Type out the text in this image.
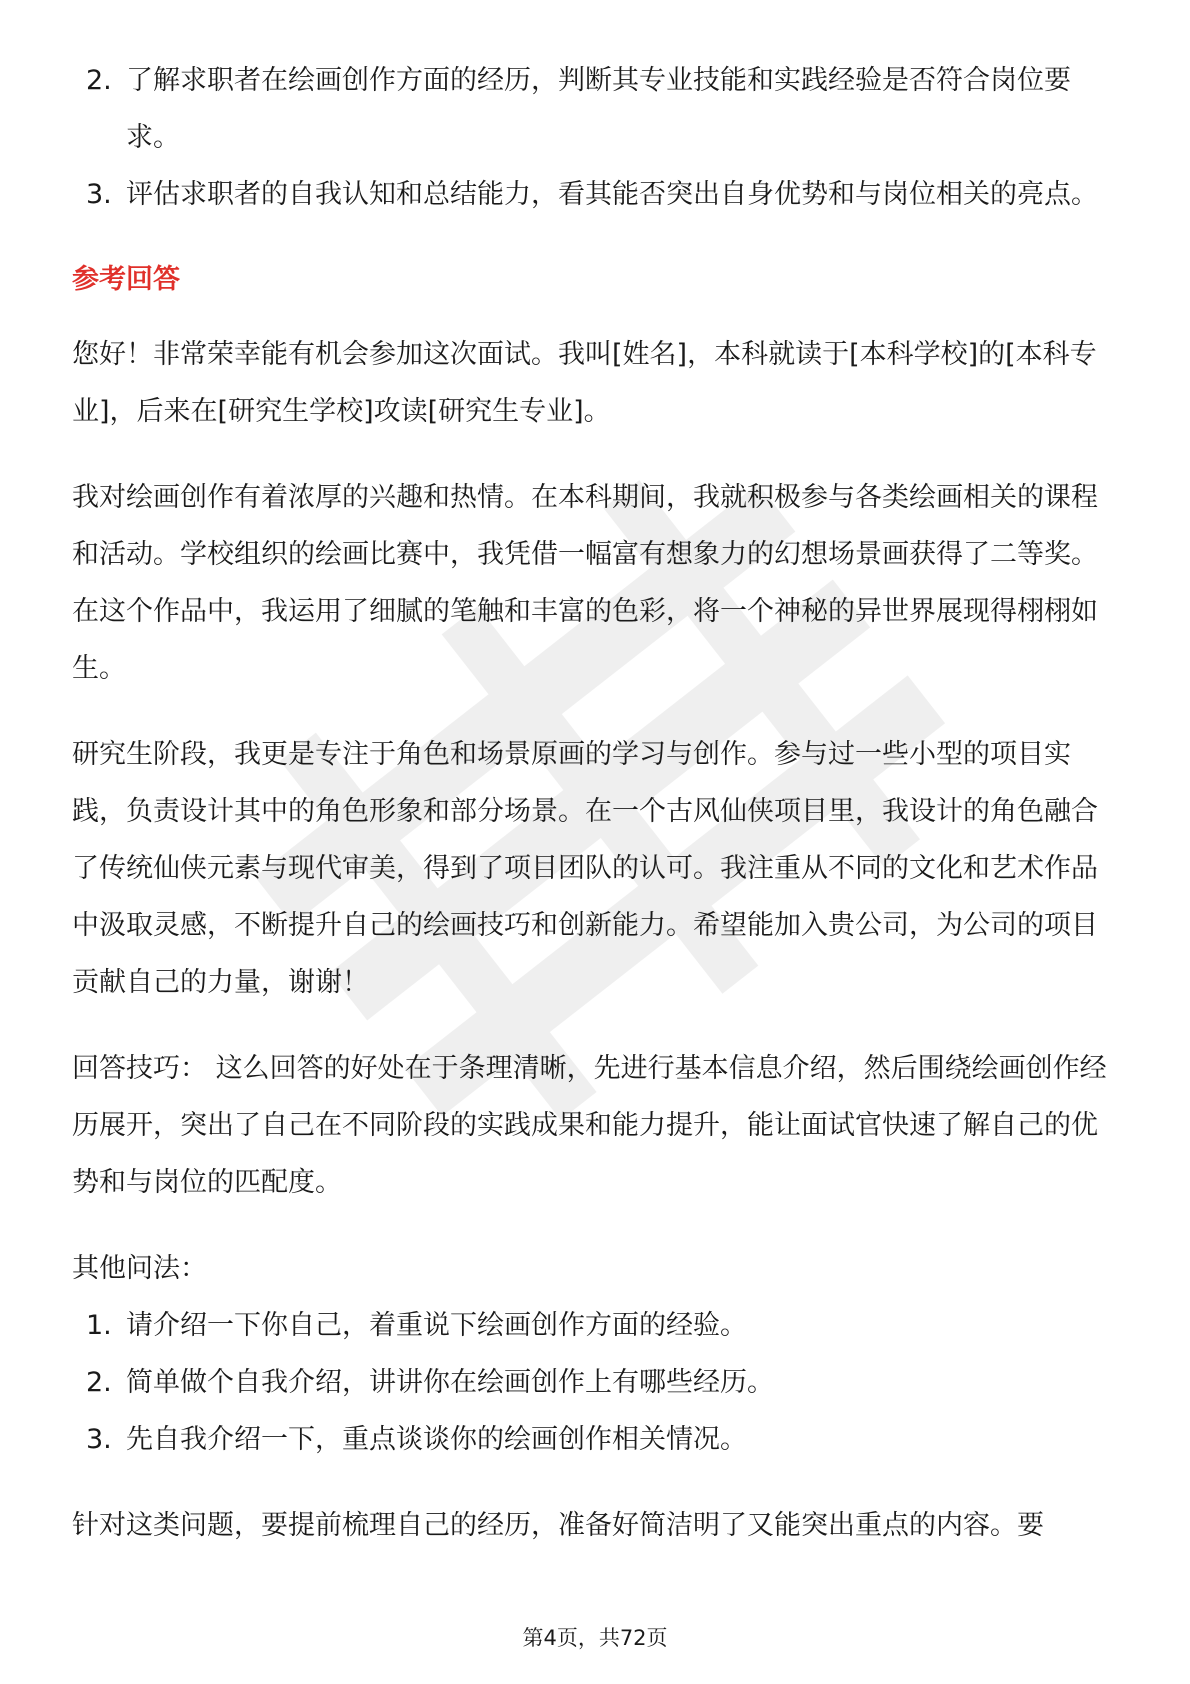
2. 了解求职者在绘画创作方面的经历，判断其专业技能和实践经验是否符合岗位要求。
3. 评估求职者的自我认知和总结能力，看其能否突出自身优势和与岗位相关的亮点。
参考回答

您好！非常荣幸能有机会参加这次面试。我叫[姓名]，本科就读于[本科学校]的[本科专业]，后来在[研究生学校]攻读[研究生专业]。

我对绘画创作有着浓厚的兴趣和热情。在本科期间，我就积极参与各类绘画相关的课程和活动。学校组织的绘画比赛中，我凭借一幅富有想象力的幻想场景画获得了二等奖。在这个作品中，我运用了细腻的笔触和丰富的色彩，将一个神秘的异世界展现得栩栩如生。

研究生阶段，我更是专注于角色和场景原画的学习与创作。参与过一些小型的项目实践，负责设计其中的角色形象和部分场景。在一个古风仙侠项目里，我设计的角色融合了传统仙侠元素与现代审美，得到了项目团队的认可。我注重从不同的文化和艺术作品中汲取灵感，不断提升自己的绘画技巧和创新能力。希望能加入贵公司，为公司的项目贡献自己的力量，谢谢！

回答技巧： 这么回答的好处在于条理清晰，先进行基本信息介绍，然后围绕绘画创作经历展开，突出了自己在不同阶段的实践成果和能力提升，能让面试官快速了解自己的优势和与岗位的匹配度。

其他问法：

1. 请介绍一下你自己，着重说下绘画创作方面的经验。
2. 简单做个自我介绍，讲讲你在绘画创作上有哪些经历。
3. 先自我介绍一下，重点谈谈你的绘画创作相关情况。

针对这类问题，要提前梳理自己的经历，准备好简洁明了又能突出重点的内容。要

第4页，共72页
